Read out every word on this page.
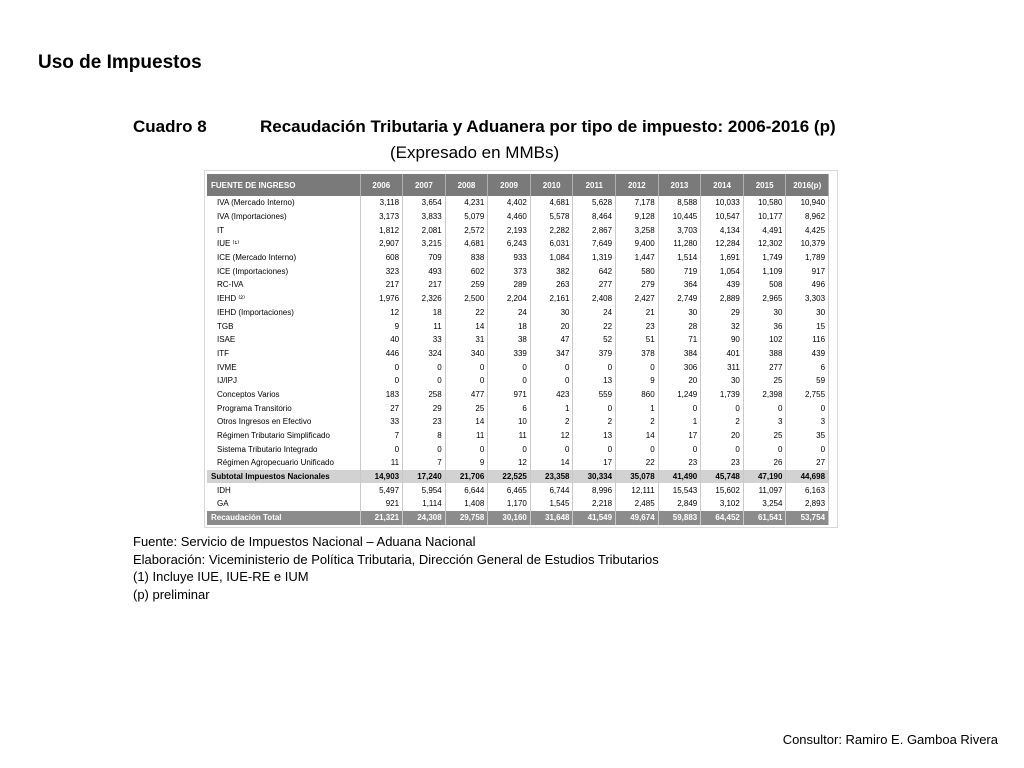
Uso de Impuestos
Cuadro 8	Recaudación Tributaria y Aduanera por tipo de impuesto: 2006-2016 (p)
(Expresado en MMBs)
FUENTE DE INGRESO	2006	2007	2008	2009	2010	2011	2012	2013	2014	2015	2016(p)
IVA (Mercado Interno)	3,118	3,654	4,231	4,402	4,681	5,628	7,178	8,588	10,033	10,580	10,940
IVA (Importaciones)	3,173	3,833	5,079	4,460	5,578	8,464	9,128	10,445	10,547	10,177	8,962
IT	1,812	2,081	2,572	2,193	2,282	2,867	3,258	3,703	4,134	4,491	4,425
IUE ⁽¹⁾	2,907	3,215	4,681	6,243	6,031	7,649	9,400	11,280	12,284	12,302	10,379
ICE (Mercado Interno)	608	709	838	933	1,084	1,319	1,447	1,514	1,691	1,749	1,789
ICE (Importaciones)	323	493	602	373	382	642	580	719	1,054	1,109	917
RC-IVA	217	217	259	289	263	277	279	364	439	508	496
IEHD ⁽²⁾	1,976	2,326	2,500	2,204	2,161	2,408	2,427	2,749	2,889	2,965	3,303
IEHD (Importaciones)	12	18	22	24	30	24	21	30	29	30	30
TGB	9	11	14	18	20	22	23	28	32	36	15
ISAE	40	33	31	38	47	52	51	71	90	102	116
ITF	446	324	340	339	347	379	378	384	401	388	439
IVME	0	0	0	0	0	0	0	306	311	277	6
IJ/IPJ	0	0	0	0	0	13	9	20	30	25	59
Conceptos Varios	183	258	477	971	423	559	860	1,249	1,739	2,398	2,755
Programa Transitorio	27	29	25	6	1	0	1	0	0	0	0
Otros Ingresos en Efectivo	33	23	14	10	2	2	2	1	2	3	3
Régimen Tributario Simplificado	7	8	11	11	12	13	14	17	20	25	35
Sistema Tributario Integrado	0	0	0	0	0	0	0	0	0	0	0
Régimen Agropecuario Unificado	11	7	9	12	14	17	22	23	23	26	27
Subtotal Impuestos Nacionales	14,903	17,240	21,706	22,525	23,358	30,334	35,078	41,490	45,748	47,190	44,698
IDH	5,497	5,954	6,644	6,465	6,744	8,996	12,111	15,543	15,602	11,097	6,163
GA	921	1,114	1,408	1,170	1,545	2,218	2,485	2,849	3,102	3,254	2,893
Recaudación Total	21,321	24,308	29,758	30,160	31,648	41,549	49,674	59,883	64,452	61,541	53,754
Fuente: Servicio de Impuestos Nacional – Aduana Nacional
Elaboración: Viceministerio de Política Tributaria, Dirección General de Estudios Tributarios
(1) Incluye IUE, IUE-RE e IUM
(p) preliminar
Consultor: Ramiro E. Gamboa Rivera
